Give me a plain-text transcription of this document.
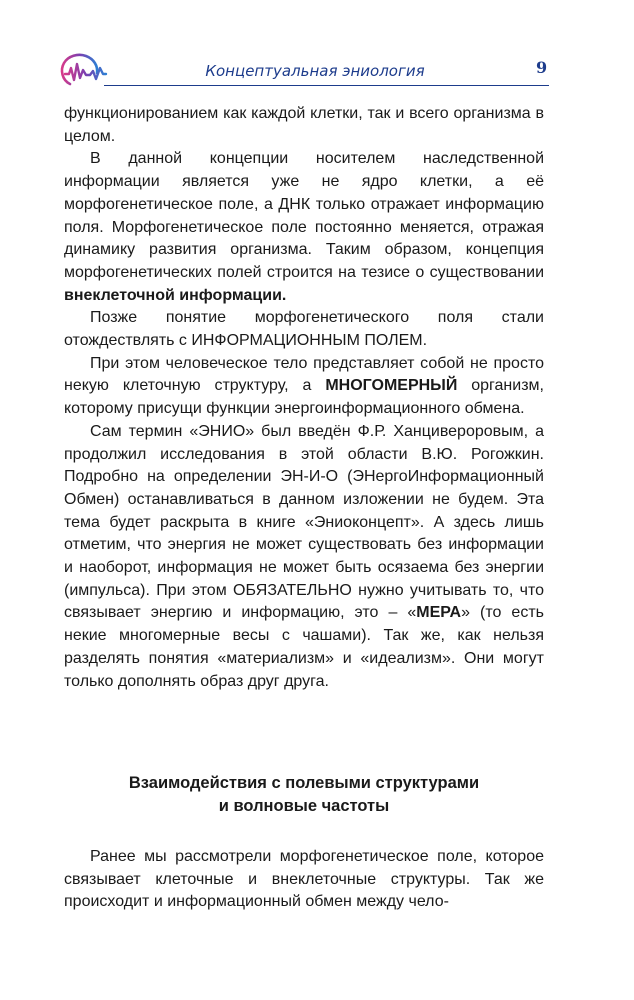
Концептуальная эниология	9

функционированием как каждой клетки, так и всего организма в целом.

В данной концепции носителем наследственной информации является уже не ядро клетки, а её морфогенетическое поле, а ДНК только отражает информацию поля. Морфогенетическое поле постоянно меняется, отражая динамику развития организма. Таким образом, концепция морфогенетических полей строится на тезисе о существовании внеклеточной информации.

Позже понятие морфогенетического поля стали отождествлять с ИНФОРМАЦИОННЫМ ПОЛЕМ.

При этом человеческое тело представляет собой не просто некую клеточную структуру, а МНОГОМЕРНЫЙ организм, которому присущи функции энергоинформационного обмена.

Сам термин «ЭНИО» был введён Ф.Р. Ханцивероровым, а продолжил исследования в этой области В.Ю. Рогожкин. Подробно на определении ЭН-И-О (ЭНергоИнформационный Обмен) останавливаться в данном изложении не будем. Эта тема будет раскрыта в книге «Эниоконцепт». А здесь лишь отметим, что энергия не может существовать без информации и наоборот, информация не может быть осязаема без энергии (импульса). При этом ОБЯЗАТЕЛЬНО нужно учитывать то, что связывает энергию и информацию, это – «МЕРА» (то есть некие многомерные весы с чашами). Так же, как нельзя разделять понятия «материализм» и «идеализм». Они могут только дополнять образ друг друга.

Взаимодействия с полевыми структурами
и волновые частоты

Ранее мы рассмотрели морфогенетическое поле, которое связывает клеточные и внеклеточные структуры. Так же происходит и информационный обмен между чело-
